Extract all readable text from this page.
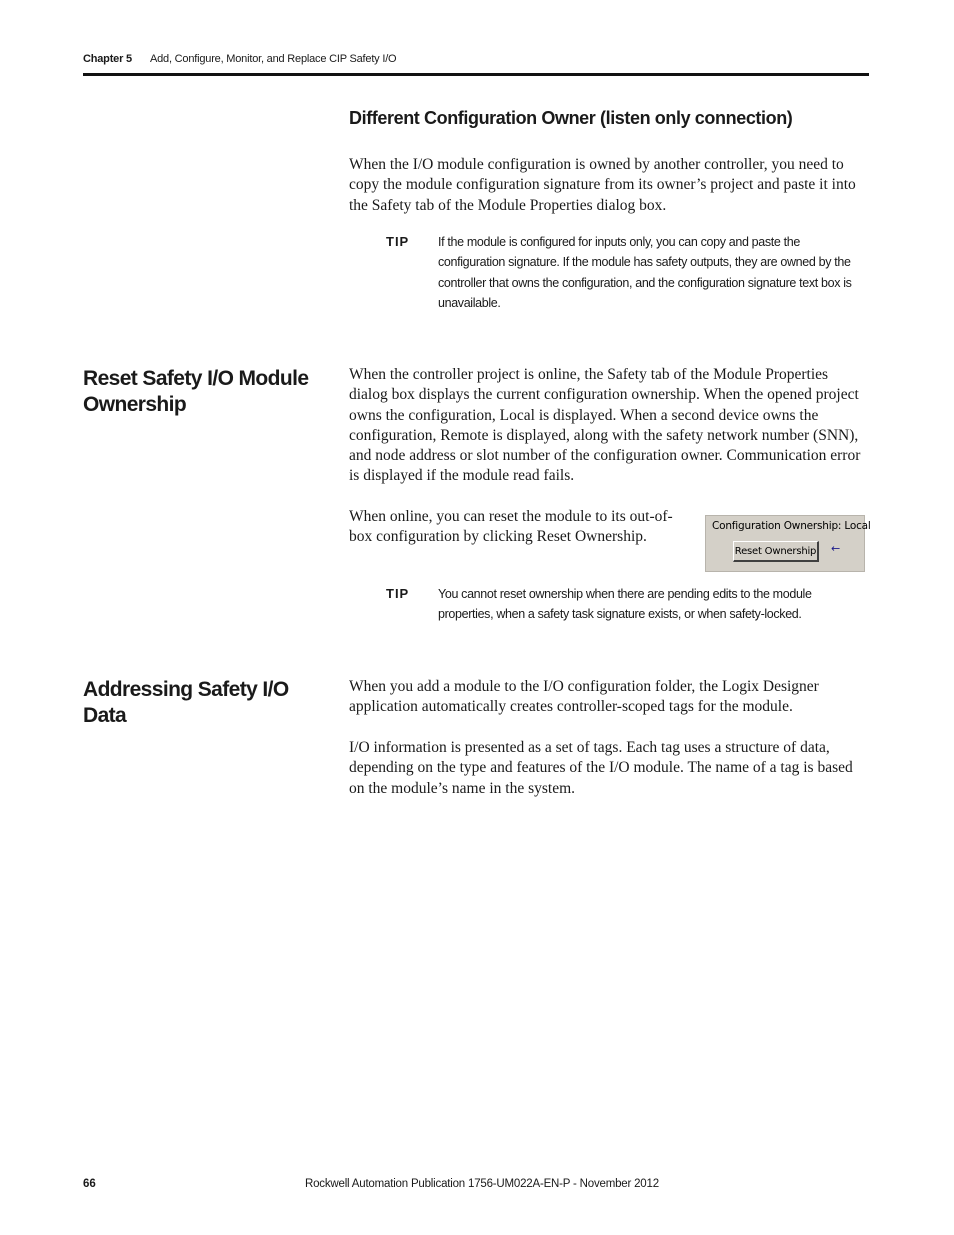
Chapter 5 Add, Configure, Monitor, and Replace CIP Safety I/O
Different Configuration Owner (listen only connection)
When the I/O module configuration is owned by another controller, you need to copy the module configuration signature from its owner’s project and paste it into the Safety tab of the Module Properties dialog box.
TIP If the module is configured for inputs only, you can copy and paste the configuration signature. If the module has safety outputs, they are owned by the controller that owns the configuration, and the configuration signature text box is unavailable.
Reset Safety I/O Module Ownership
When the controller project is online, the Safety tab of the Module Properties dialog box displays the current configuration ownership. When the opened project owns the configuration, Local is displayed. When a second device owns the configuration, Remote is displayed, along with the safety network number (SNN), and node address or slot number of the configuration owner. Communication error is displayed if the module read fails.
When online, you can reset the module to its out-of-box configuration by clicking Reset Ownership.
Configuration Ownership: Local
Reset Ownership ←
TIP You cannot reset ownership when there are pending edits to the module properties, when a safety task signature exists, or when safety-locked.
Addressing Safety I/O Data
When you add a module to the I/O configuration folder, the Logix Designer application automatically creates controller-scoped tags for the module.
I/O information is presented as a set of tags. Each tag uses a structure of data, depending on the type and features of the I/O module. The name of a tag is based on the module’s name in the system.
66	Rockwell Automation Publication 1756-UM022A-EN-P - November 2012
